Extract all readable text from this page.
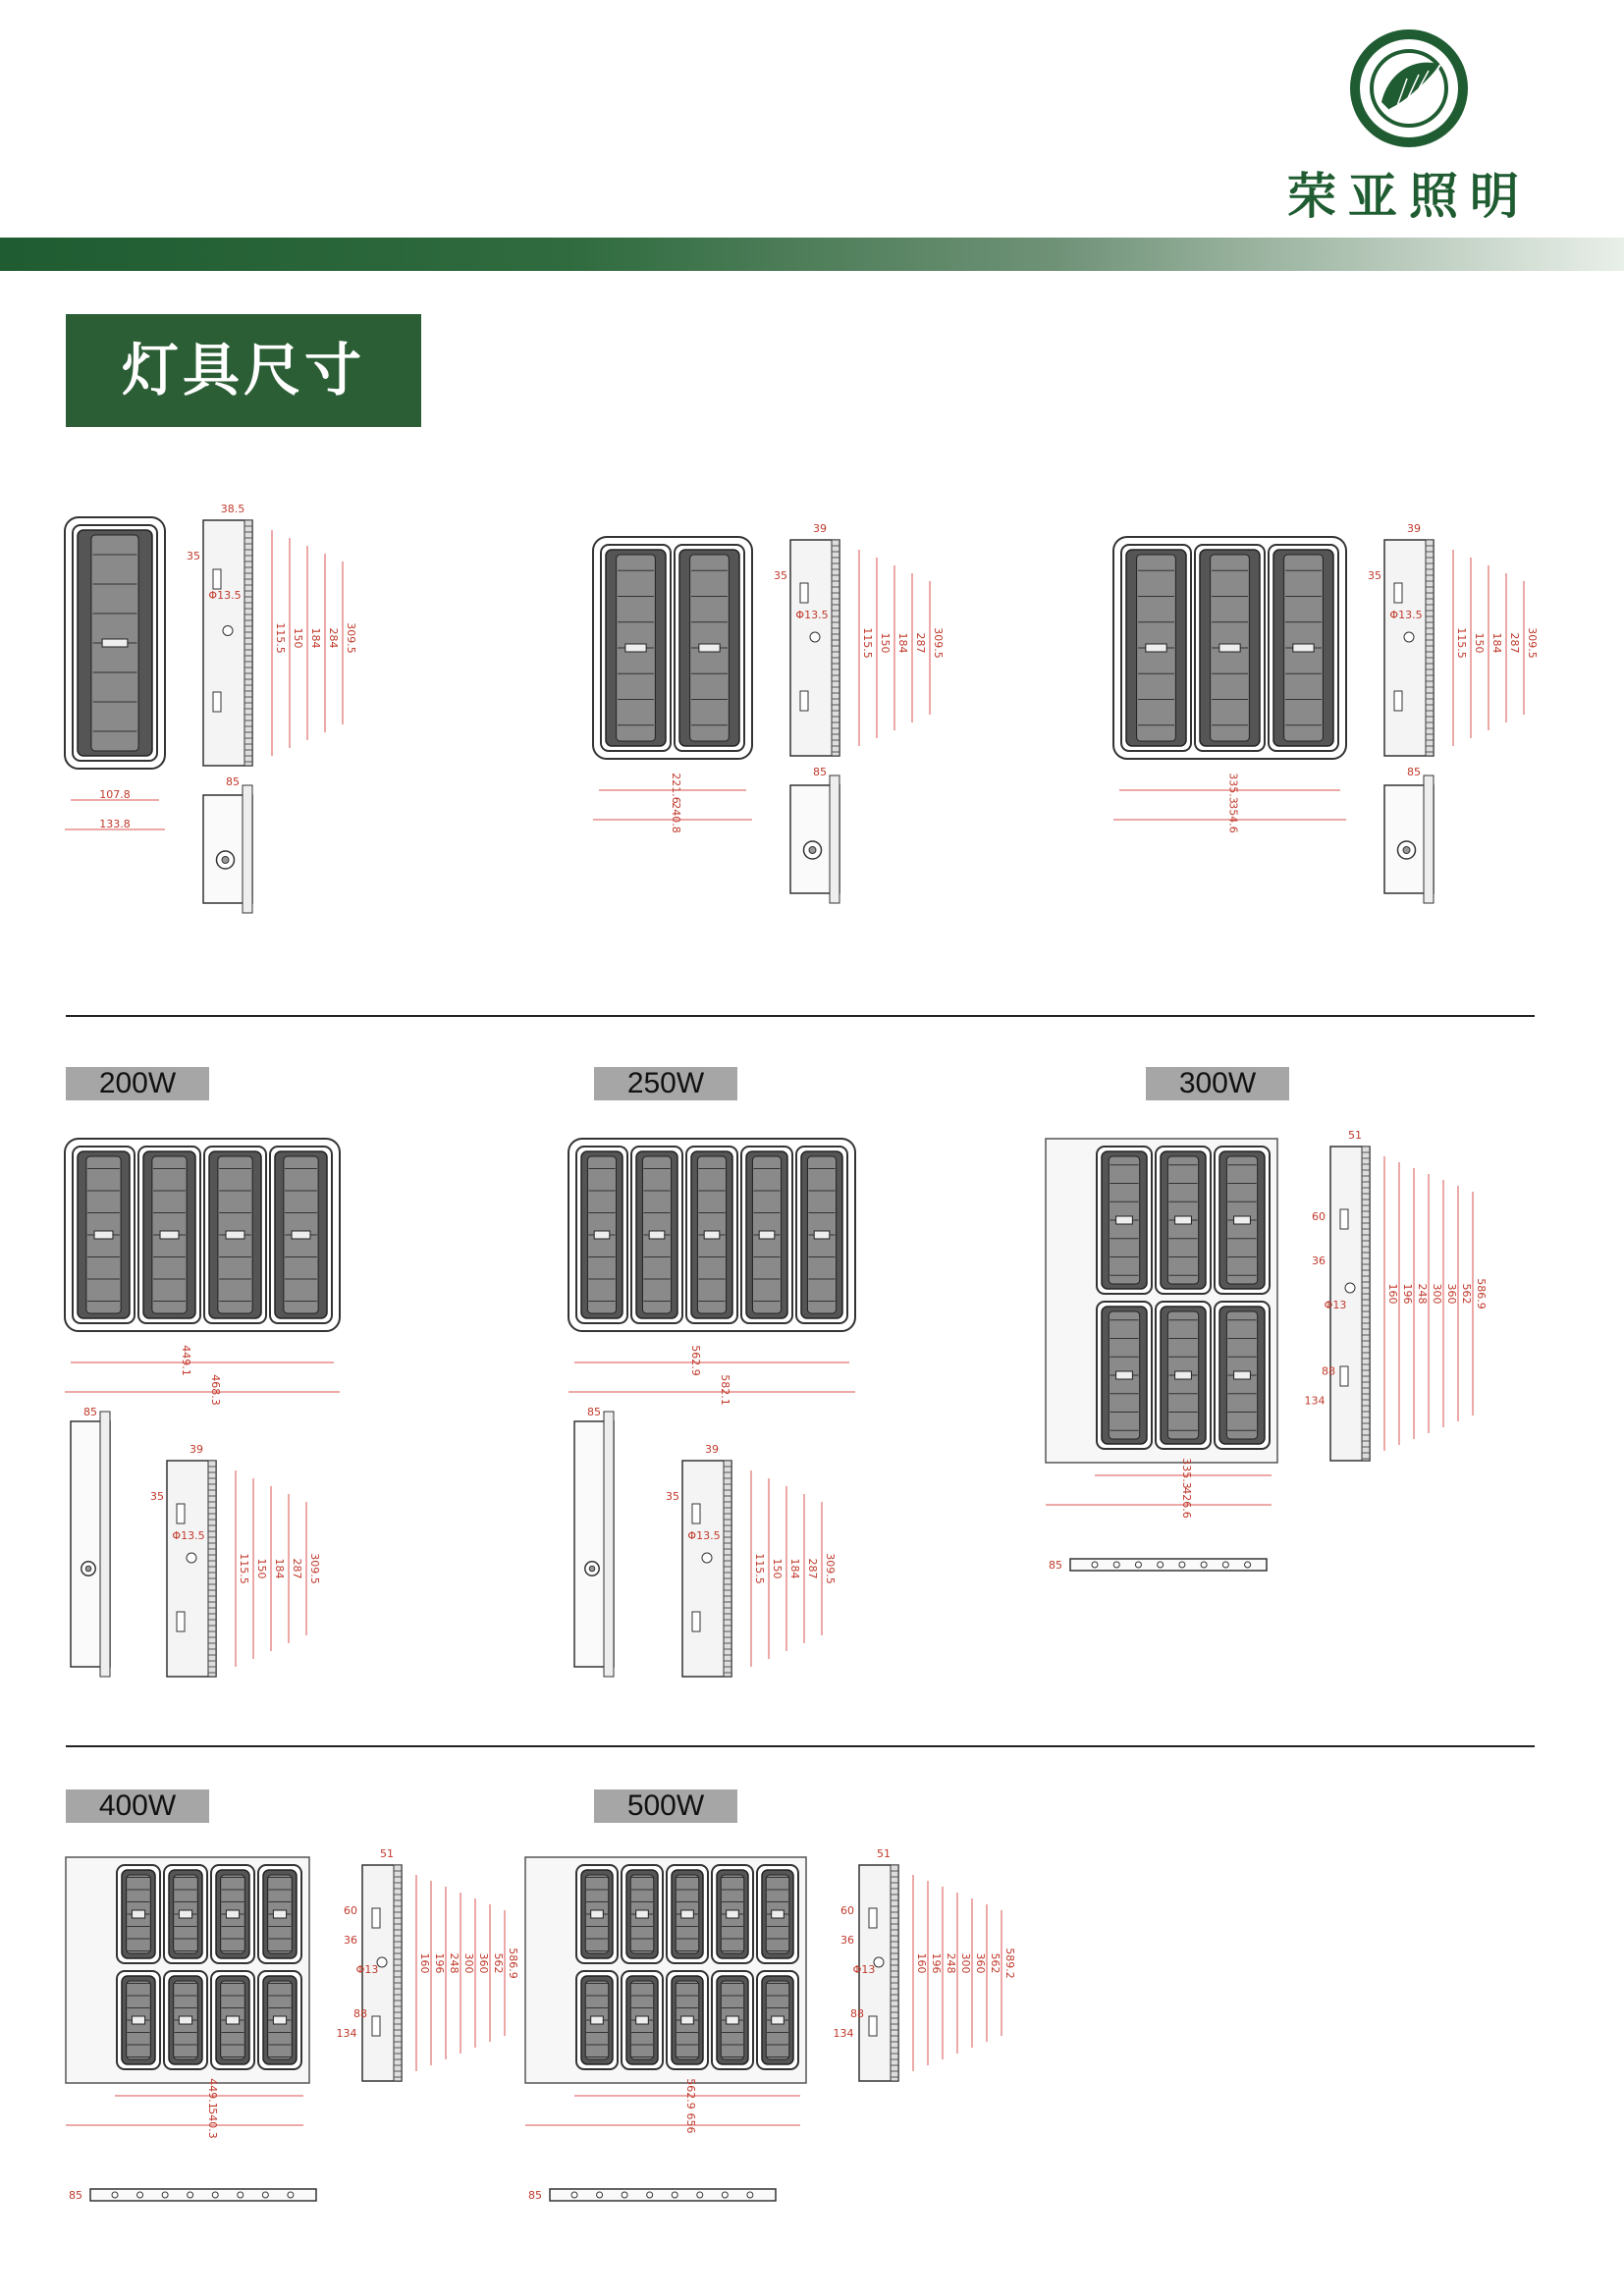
荣亚照明
灯具尺寸
38.5
35
Φ13.5
115.5 150 184 284 309.5
107.8
133.8
85
39
35
Φ13.5
115.5 150 184 287 309.5
221.6
240.8
85
39
35
Φ13.5
115.5 150 184 287 309.5
335.3
354.6
85
200W	250W	300W
449.1
468.3
85
39
35
Φ13.5
115.5 150 184 287 309.5
562.9
582.1
85
39
35
Φ13.5
115.5 150 184 287 309.5
51
60
36
Φ13
160 196 248 300 360 562 586.9
134
88
335.3
426.6
85
400W	500W
51
60
36
Φ13	160 196 248 300 360 562 586.9
134
88
449.1
540.3
85
51
60
36
Φ13	160 196 248 300 360 562 589.2
134
88
562.9
656
85
